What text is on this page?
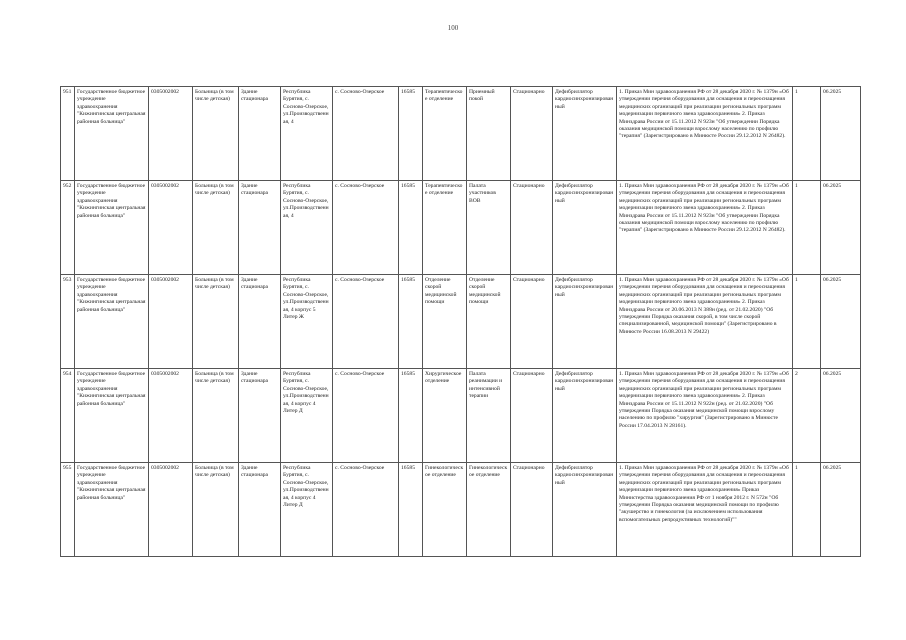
100
951	Государственное бюджетное учреждение здравоохранения "Кижингинская центральная районная больница"	0305002002	Больница (в том числе детская)	Здание стационара	Республика Бурятия, с. Сосново-Озерское, ул.Производственная, 4	с. Сосново-Озерское	16585	Терапевтическое отделение	Приемный покой	Стационарно	Дефибриллятор кардиосинхронизированный	1. Приказ Мин здравоохранения РФ от 28 декабря 2020 г. № 1379н «Об утверждении перечня оборудования для оснащения и переоснащения медицинских организаций при реализации региональных программ модернизации первичного звена здравоохранения» 2. Приказ Минздрава России от 15.11.2012 N 923н "Об утверждении Порядка оказания медицинской помощи взрослому населению по профилю "терапия" (Зарегистрировано в Минюсте России 29.12.2012 N 26482).	1	06.2025
952	Государственное бюджетное учреждение здравоохранения "Кижингинская центральная районная больница"	0305002002	Больница (в том числе детская)	Здание стационара	Республика Бурятия, с. Сосново-Озерское, ул.Производственная, 4	с. Сосново-Озерское	16585	Терапевтическое отделение	Палата участников ВОВ	Стационарно	Дефибриллятор кардиосинхронизированный	1. Приказ Мин здравоохранения РФ от 28 декабря 2020 г. № 1379н «Об утверждении перечня оборудования для оснащения и переоснащения медицинских организаций при реализации региональных программ модернизации первичного звена здравоохранения» 2. Приказ Минздрава России от 15.11.2012 N 923н "Об утверждении Порядка оказания медицинской помощи взрослому населению по профилю "терапия" (Зарегистрировано в Минюсте России 29.12.2012 N 26482).	1	06.2025
953	Государственное бюджетное учреждение здравоохранения "Кижингинская центральная районная больница"	0305002002	Больница (в том числе детская)	Здание стационара	Республика Бурятия, с. Сосново-Озерское, ул.Производственная, 4 корпус 5 Литер Ж	с. Сосново-Озерское	16585	Отделение скорой медицинской помощи	Отделение скорой медицинской помощи	Стационарно	Дефибриллятор кардиосинхронизированный	1. Приказ Мин здравоохранения РФ от 28 декабря 2020 г. № 1379н «Об утверждении перечня оборудования для оснащения и переоснащения медицинских организаций при реализации региональных программ модернизации первичного звена здравоохранения» 2. Приказ Минздрава России от 20.06.2013 N 388н (ред. от 21.02.2020) "Об утверждении Порядка оказания скорой, в том числе скорой специализированной, медицинской помощи" (Зарегистрировано в Минюсте России 16.08.2013 N 29422)	1	06.2025
954	Государственное бюджетное учреждение здравоохранения "Кижингинская центральная районная больница"	0305002002	Больница (в том числе детская)	Здание стационара	Республика Бурятия, с. Сосново-Озерское, ул.Производственная, 4 корпус 4 Литер Д	с. Сосново-Озерское	16585	Хирургическое отделение	Палата реанимации и интенсивной терапии	Стационарно	Дефибриллятор кардиосинхронизированный	1. Приказ Мин здравоохранения РФ от 28 декабря 2020 г. № 1379н «Об утверждении перечня оборудования для оснащения и переоснащения медицинских организаций при реализации региональных программ модернизации первичного звена здравоохранения» 2. Приказ Минздрава России от 15.11.2012 N 922н (ред. от 21.02.2020) "Об утверждении Порядка оказания медицинской помощи взрослому населению по профилю "хирургия" (Зарегистрировано в Минюсте России 17.04.2013 N 28161).	2	06.2025
955	Государственное бюджетное учреждение здравоохранения "Кижингинская центральная районная больница"	0305002002	Больница (в том числе детская)	Здание стационара	Республика Бурятия, с. Сосново-Озерское, ул.Производственная, 4 корпус 4 Литер Д	с. Сосново-Озерское	16585	Гинекологическое отделение	Гинекологическое отделение	Стационарно	Дефибриллятор кардиосинхронизированный	1. Приказ Мин здравоохранения РФ от 28 декабря 2020 г. № 1379н «Об утверждении перечня оборудования для оснащения и переоснащения медицинских организаций при реализации региональных программ модернизации первичного звена здравоохранения» Приказ Министерства здравоохранения РФ от 1 ноября 2012 г. N 572н "Об утверждении Порядка оказания медицинской помощи по профилю "акушерство и гинекология (за исключением использования вспомогательных репродуктивных технологий)""	1	06.2025
